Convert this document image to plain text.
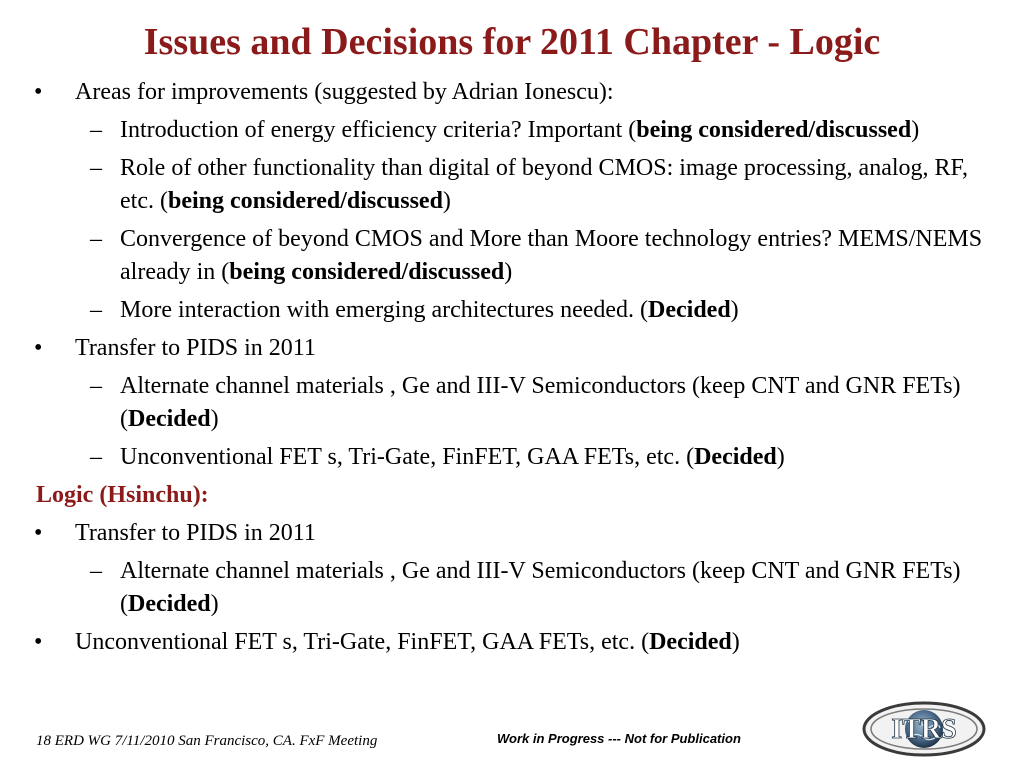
Issues and Decisions for 2011 Chapter - Logic
• Areas for improvements (suggested by Adrian Ionescu):
– Introduction of energy efficiency criteria? Important (being considered/discussed)
– Role of other functionality than digital of beyond CMOS: image processing, analog, RF, etc. (being considered/discussed)
– Convergence of beyond CMOS and More than Moore technology entries? MEMS/NEMS already in (being considered/discussed)
– More interaction with emerging architectures needed. (Decided)
• Transfer to PIDS in 2011
– Alternate channel materials , Ge and III-V Semiconductors (keep CNT and GNR FETs) (Decided)
– Unconventional FET s, Tri-Gate, FinFET, GAA FETs, etc. (Decided)
Logic (Hsinchu):
• Transfer to PIDS in 2011
– Alternate channel materials , Ge and III-V Semiconductors (keep CNT and GNR FETs) (Decided)
• Unconventional FET s, Tri-Gate, FinFET, GAA FETs, etc. (Decided)
18 ERD WG 7/11/2010 San Francisco, CA. FxF Meeting	Work in Progress --- Not for Publication	ITRS
